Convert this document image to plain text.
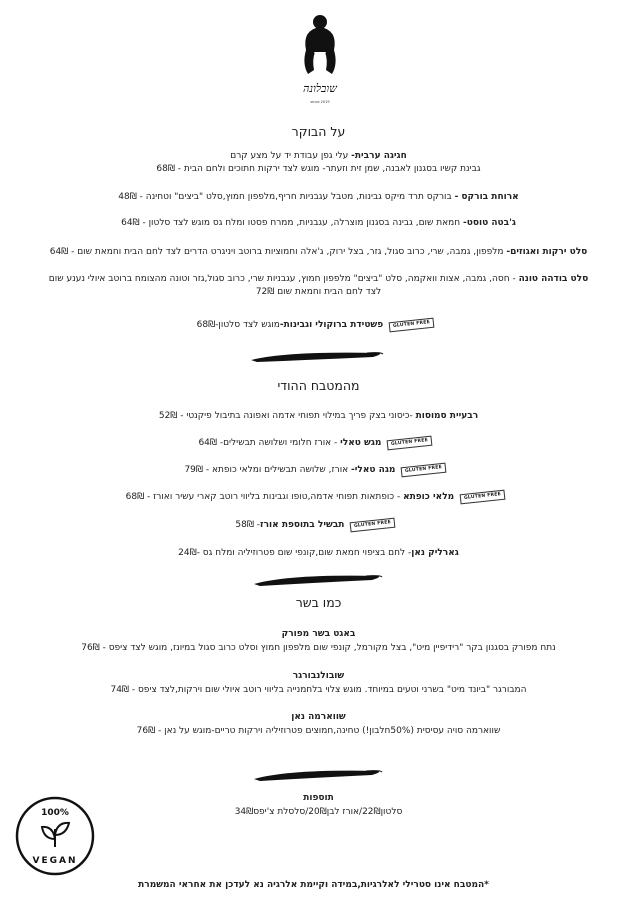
שובלונה
since 2019
על הבוקר
חגיגה ערבית- עלי גפן עבודת יד על מצע קרם
גבינת קשיו בסגנון לאבנה, שמן זית וזעתר- מוגש לצד ירקות חתוכים ולחם הבית - 68₪
ארוחת בורקס - בורקס תרד מיקס גבינות, מטבל עגבניות חריף,מלפפון חמוץ,סלט "ביצים" וטחינה - 48₪
ג'בטה טוסט- חמאת שום, גבינה בסגנון מוצרלה, עגבניות, ממרח פסטו ומלח גס מוגש לצד סלטון - 64₪
סלט ירקות ואגוזים- מלפפון, גמבה, שרי, כרוב סגול, גזר, בצל ירוק, ג'אלה וחמוציות ברוטב ויניגרט הדרים לצד לחם הבית וחמאת שום - 64₪
סלט בודהה טונה - חסה, גמבה, אצות וואקמה, סלט "ביצים" מלפפון חמוץ, עגבניות שרי, כרוב סגול,גזר וטונה מהצומח ברוטב איולי נענע שום
לצד לחם הבית וחמאת שום 72₪
GLUTEN FREEפשטידת ברוקולי וגבינות-מוגש לצד סלטון-68₪
מהמטבח ההודי
רבעיית סמוסות -כיסוני בצק פריך במילוי תפוחי אדמה ואפונה בתיבול פיקנטי - 52₪
GLUTEN FREEמגש טאלי - אורז חלומי ושלושה תבשילים- 64₪
GLUTEN FREEמגה טאלי- אורז, שלושה תבשילים ומלאי כופתא - 79₪
GLUTEN FREEמלאי כופתא - כופתאות תפוחי אדמה,טופו וגבינות בליווי רוטב קארי עשיר ואורז - 68₪
GLUTEN FREEתבשיל בתוספת אורז- 58₪
גארליק נאן- לחם בציפוי חמאת שום,קונפי שום פטרוזיליה ומלח גס -24₪
כמו בשר
באגט בשר מפורק
נתח מפורק בסגנון בקר "רידיפיין מיט", בצל מקורמל, קונפי שום מלפפון חמוץ וסלט כרוב סגול במיונז, מוגש לצד ציפס - 76₪
שובולנבורגר
המבורגר "ביונד מיט" בשרני וטעים במיוחד. מוגש צלוי בלחמנייה בליווי רוטב איולי שום וירקות,לצד ציפס - 74₪
שווארמה נאן
שווארמה סויה עסיסית (50%חלבון!) טחינה,חמוצים פטרוזיליה וירקות טריים-מוגש על נאן - 76₪
תוספות
סלטון22₪/אורז לבן20₪/סלסלת צ'יפס34₪
100%
VEGAN
*המטבח אינו סטרילי לאלרגיות,במידה וקיימת אלרגיה נא לעדכן את אחראי המשמרת
